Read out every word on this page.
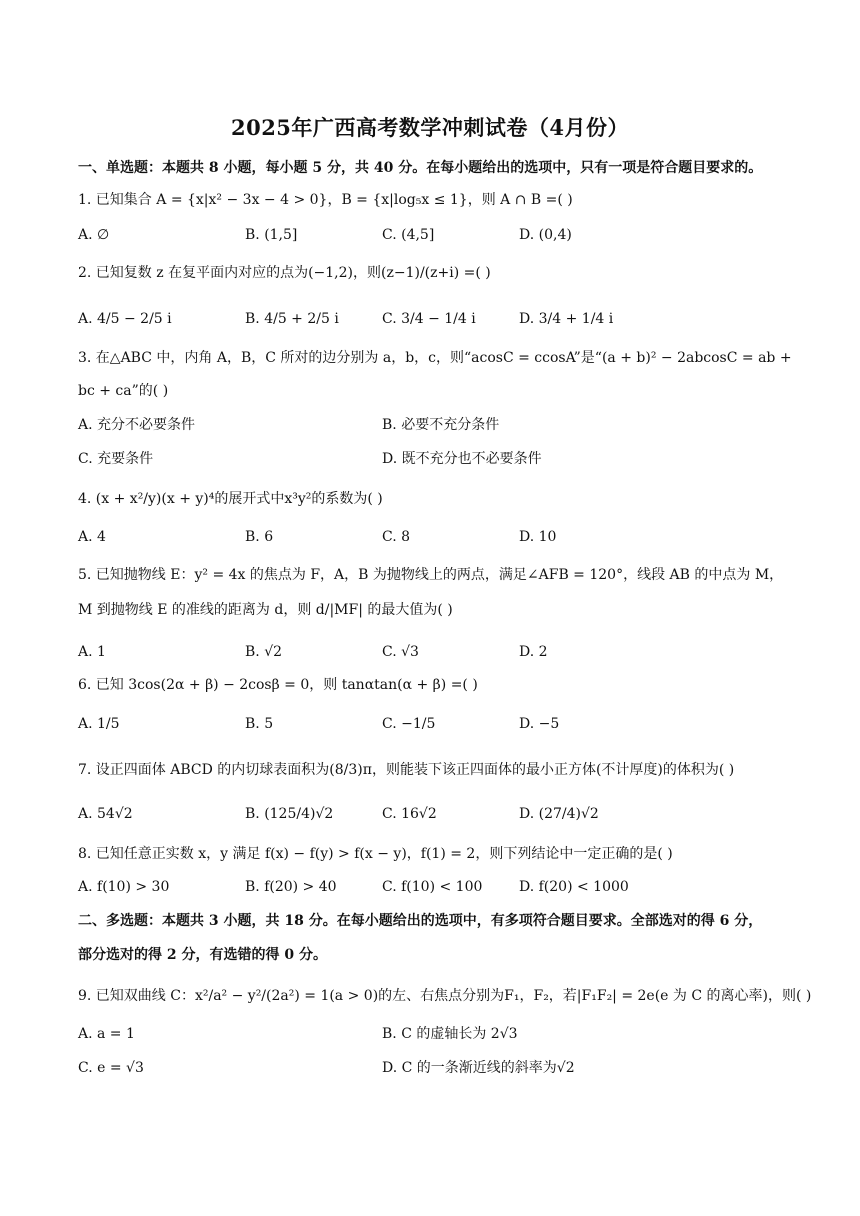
2025年广西高考数学冲刺试卷（4月份）
一、单选题：本题共 8 小题，每小题 5 分，共 40 分。在每小题给出的选项中，只有一项是符合题目要求的。
1. 已知集合 A = {x|x² − 3x − 4 > 0}，B = {x|log₅x ≤ 1}，则 A ∩ B =( )
A. ∅	B. (1,5]	C. (4,5]	D. (0,4)
2. 已知复数 z 在复平面内对应的点为(−1,2)，则(z−1)/(z+i) =( )
A. 4/5 − 2/5 i	B. 4/5 + 2/5 i	C. 3/4 − 1/4 i	D. 3/4 + 1/4 i
3. 在△ABC 中，内角 A，B，C 所对的边分别为 a，b，c，则“acosC = ccosA”是“(a + b)² − 2abcosC = ab +
bc + ca”的( )
A. 充分不必要条件	B. 必要不充分条件
C. 充要条件	D. 既不充分也不必要条件
4. (x + x²/y)(x + y)⁴的展开式中x³y²的系数为( )
A. 4	B. 6	C. 8	D. 10
5. 已知抛物线 E：y² = 4x 的焦点为 F，A，B 为抛物线上的两点，满足∠AFB = 120°，线段 AB 的中点为 M，
M 到抛物线 E 的准线的距离为 d，则 d/|MF| 的最大值为( )
A. 1	B. √2	C. √3	D. 2
6. 已知 3cos(2α + β) − 2cosβ = 0，则 tanαtan(α + β) =( )
A. 1/5	B. 5	C. −1/5	D. −5
7. 设正四面体 ABCD 的内切球表面积为(8/3)π，则能装下该正四面体的最小正方体(不计厚度)的体积为( )
A. 54√2	B. (125/4)√2	C. 16√2	D. (27/4)√2
8. 已知任意正实数 x，y 满足 f(x) − f(y) > f(x − y)，f(1) = 2，则下列结论中一定正确的是( )
A. f(10) > 30	B. f(20) > 40	C. f(10) < 100	D. f(20) < 1000
二、多选题：本题共 3 小题，共 18 分。在每小题给出的选项中，有多项符合题目要求。全部选对的得 6 分，
部分选对的得 2 分，有选错的得 0 分。
9. 已知双曲线 C：x²/a² − y²/(2a²) = 1(a > 0)的左、右焦点分别为F₁，F₂，若|F₁F₂| = 2e(e 为 C 的离心率)，则( )
A. a = 1	B. C 的虚轴长为 2√3
C. e = √3	D. C 的一条渐近线的斜率为√2
